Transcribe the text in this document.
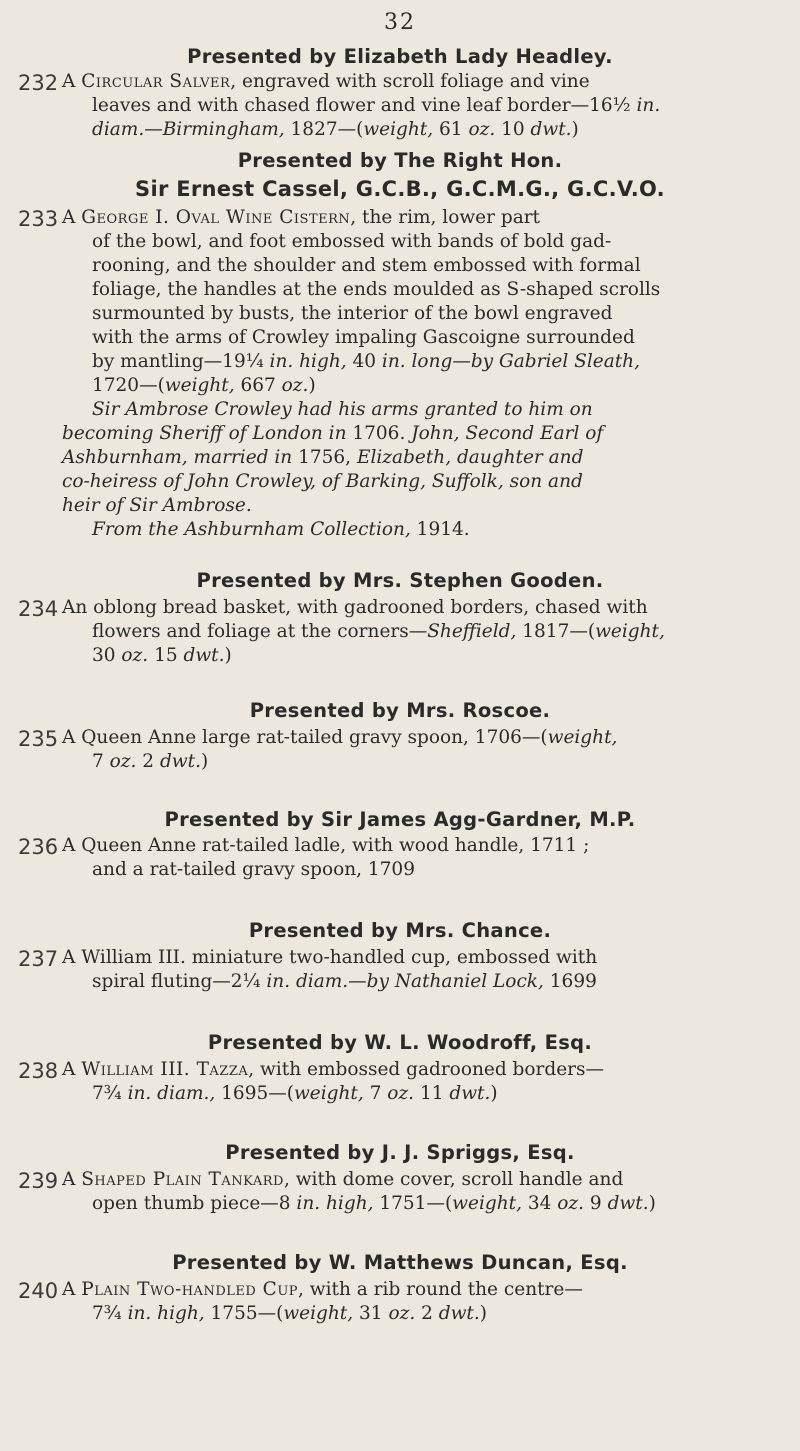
32
Presented by Elizabeth Lady Headley.
232 A Circular Salver, engraved with scroll foliage and vine
leaves and with chased flower and vine leaf border—16½ in.
diam.—Birmingham, 1827—(weight, 61 oz. 10 dwt.)
Presented by The Right Hon.
Sir Ernest Cassel, G.C.B., G.C.M.G., G.C.V.O.
233 A George I. Oval Wine Cistern, the rim, lower part
of the bowl, and foot embossed with bands of bold gad-
rooning, and the shoulder and stem embossed with formal
foliage, the handles at the ends moulded as S-shaped scrolls
surmounted by busts, the interior of the bowl engraved
with the arms of Crowley impaling Gascoigne surrounded
by mantling—19¼ in. high, 40 in. long—by Gabriel Sleath,
1720—(weight, 667 oz.)
Sir Ambrose Crowley had his arms granted to him on
becoming Sheriff of London in 1706. John, Second Earl of
Ashburnham, married in 1756, Elizabeth, daughter and
co-heiress of John Crowley, of Barking, Suffolk, son and
heir of Sir Ambrose.
From the Ashburnham Collection, 1914.
Presented by Mrs. Stephen Gooden.
234 An oblong bread basket, with gadrooned borders, chased with
flowers and foliage at the corners—Sheffield, 1817—(weight,
30 oz. 15 dwt.)
Presented by Mrs. Roscoe.
235 A Queen Anne large rat-tailed gravy spoon, 1706—(weight,
7 oz. 2 dwt.)
Presented by Sir James Agg-Gardner, M.P.
236 A Queen Anne rat-tailed ladle, with wood handle, 1711 ;
and a rat-tailed gravy spoon, 1709
Presented by Mrs. Chance.
237 A William III. miniature two-handled cup, embossed with
spiral fluting—2¼ in. diam.—by Nathaniel Lock, 1699
Presented by W. L. Woodroff, Esq.
238 A William III. Tazza, with embossed gadrooned borders—
7¾ in. diam., 1695—(weight, 7 oz. 11 dwt.)
Presented by J. J. Spriggs, Esq.
239 A Shaped Plain Tankard, with dome cover, scroll handle and
open thumb piece—8 in. high, 1751—(weight, 34 oz. 9 dwt.)
Presented by W. Matthews Duncan, Esq.
240 A Plain Two-handled Cup, with a rib round the centre—
7¾ in. high, 1755—(weight, 31 oz. 2 dwt.)
